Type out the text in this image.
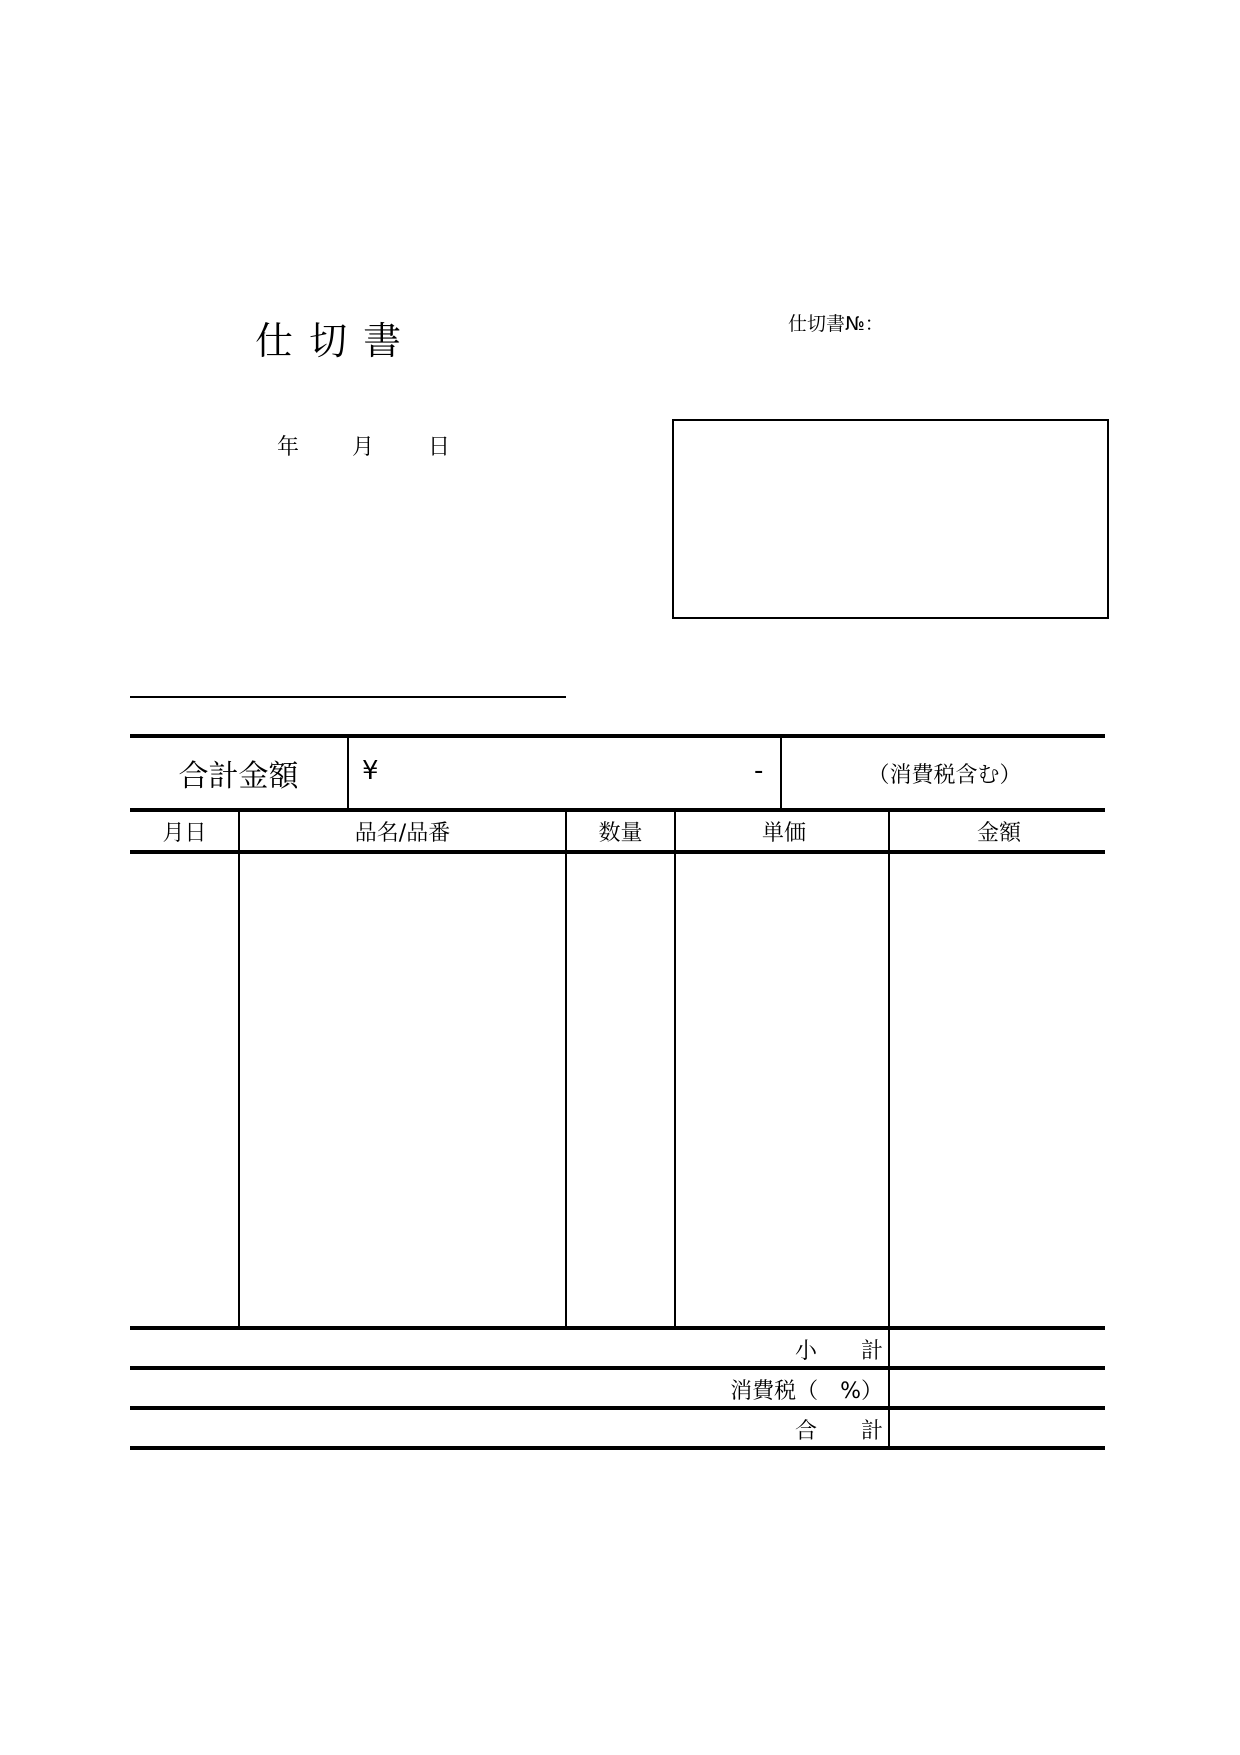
仕 切 書	仕切書№：
年 月 日
合計金額	¥	-	（消費税含む）
月日	品名/品番	数量	単価	金額
小　　計
消費税（　%）
合　　計
